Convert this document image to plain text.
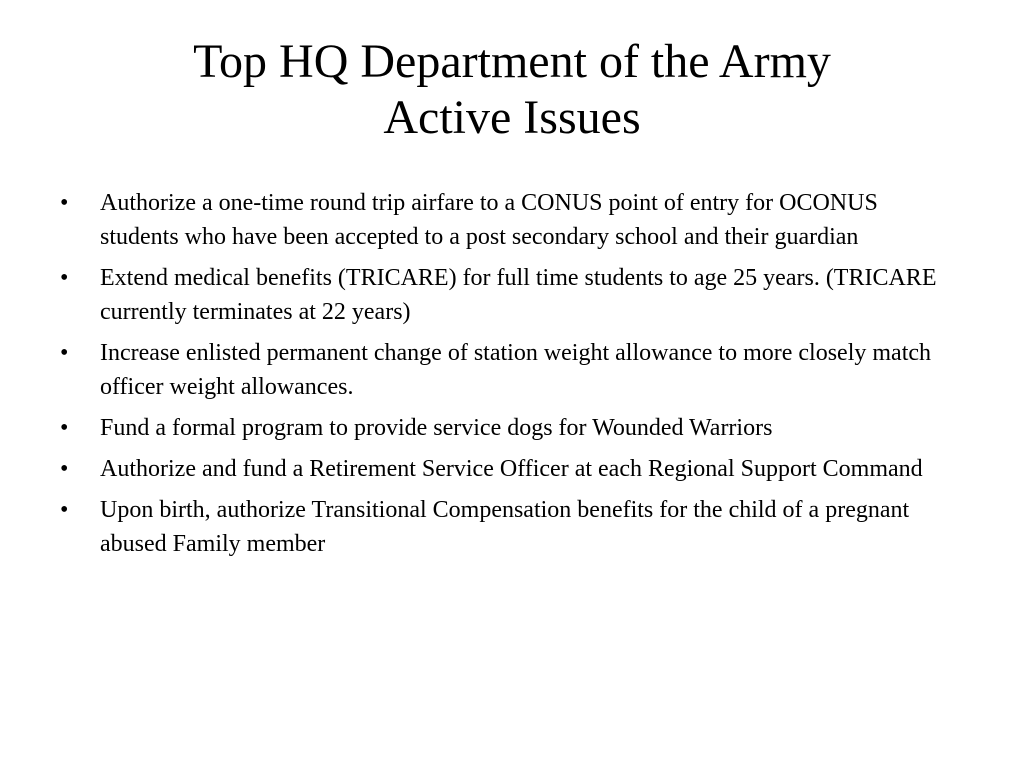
Top HQ Department of the Army
Active Issues
•	Authorize a one-time round trip airfare to a CONUS point of entry for OCONUS students who have been accepted to a post secondary school and their guardian
•	Extend medical benefits (TRICARE) for full time students to age 25 years. (TRICARE currently terminates at 22 years)
•	Increase enlisted permanent change of station weight allowance to more closely match officer weight allowances.
•	Fund a formal program to provide service dogs for Wounded Warriors
•	Authorize and fund a Retirement Service Officer at each Regional Support Command
•	Upon birth, authorize Transitional Compensation benefits for the child of a pregnant abused Family member
